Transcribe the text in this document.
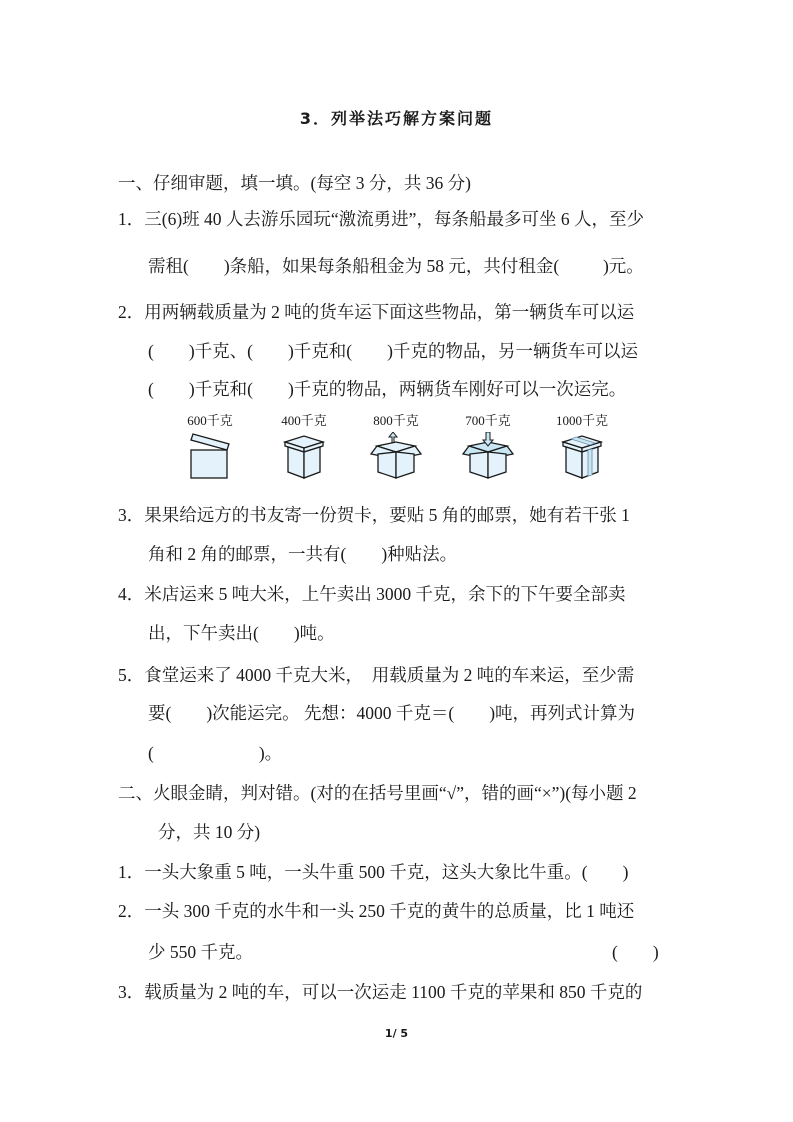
3．列举法巧解方案问题
一、仔细审题，填一填。(每空 3 分，共 36 分)
1．三(6)班 40 人去游乐园玩“激流勇进”，每条船最多可坐 6 人，至少
需租(        )条船，如果每条船租金为 58 元，共付租金(          )元。
2．用两辆载质量为 2 吨的货车运下面这些物品，第一辆货车可以运
(        )千克、(        )千克和(        )千克的物品，另一辆货车可以运
(        )千克和(        )千克的物品，两辆货车刚好可以一次运完。
600千克	400千克	800千克	700千克	1000千克
3．果果给远方的书友寄一份贺卡，要贴 5 角的邮票，她有若干张 1
角和 2 角的邮票，一共有(        )种贴法。
4．米店运来 5 吨大米，上午卖出 3000 千克，余下的下午要全部卖
出，下午卖出(        )吨。
5．食堂运来了 4000 千克大米，  用载质量为 2 吨的车来运，至少需
要(        )次能运完。 先想：4000 千克＝(        )吨，再列式计算为
(                        )。
二、火眼金睛，判对错。(对的在括号里画“√”，错的画“×”)(每小题 2
分，共 10 分)
1．一头大象重 5 吨，一头牛重 500 千克，这头大象比牛重。(        )
2．一头 300 千克的水牛和一头 250 千克的黄牛的总质量，比 1 吨还
少 550 千克。	(        )
3．载质量为 2 吨的车，可以一次运走 1100 千克的苹果和 850 千克的
1/ 5
